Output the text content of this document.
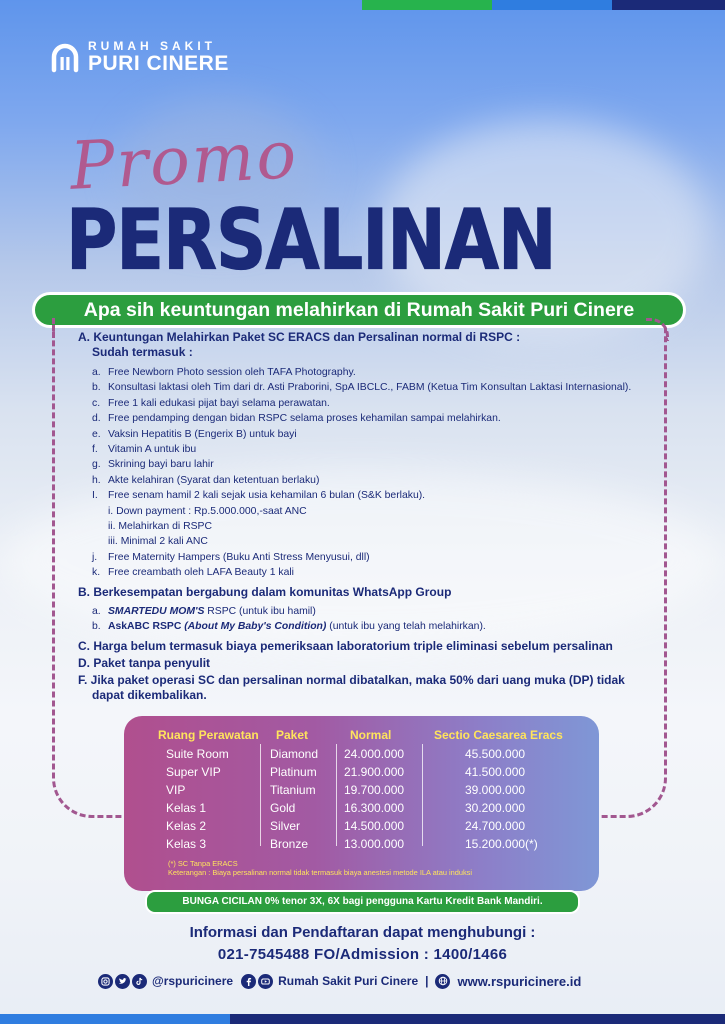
RUMAH SAKIT
PURI CINERE
Promo
PERSALINAN
Apa sih keuntungan melahirkan di Rumah Sakit Puri Cinere
A. Keuntungan Melahirkan Paket SC ERACS dan Persalinan normal di RSPC :
Sudah termasuk :
a. Free Newborn Photo session oleh TAFA Photography.
b. Konsultasi laktasi oleh Tim dari dr. Asti Praborini, SpA IBCLC., FABM (Ketua Tim Konsultan Laktasi Internasional).
c. Free 1 kali edukasi pijat bayi selama perawatan.
d. Free pendamping dengan bidan RSPC selama proses kehamilan sampai melahirkan.
e. Vaksin Hepatitis B (Engerix B) untuk bayi
f. Vitamin A untuk ibu
g. Skrining bayi baru lahir
h. Akte kelahiran (Syarat dan ketentuan berlaku)
I. Free senam hamil 2 kali sejak usia kehamilan 6 bulan (S&K berlaku).
i. Down payment : Rp.5.000.000,-saat ANC
ii. Melahirkan di RSPC
iii. Minimal 2 kali ANC
j.	Free Maternity Hampers (Buku Anti Stress Menyusui, dll)
k. Free creambath oleh LAFA Beauty 1 kali
B. Berkesempatan bergabung dalam komunitas WhatsApp Group
a. SMARTEDU MOM'S RSPC (untuk ibu hamil)
b. AskABC RSPC (About My Baby's Condition) (untuk ibu yang telah melahirkan).
C. Harga belum termasuk biaya pemeriksaan laboratorium triple eliminasi sebelum persalinan
D. Paket tanpa penyulit
F. Jika paket operasi SC dan persalinan normal dibatalkan, maka 50% dari uang muka (DP) tidak
dapat dikembalikan.
Ruang Perawatan Paket	Normal	Sectio Caesarea Eracs
Suite Room	Diamond 24.000.000	45.500.000
Super VIP	Platinum 21.900.000	41.500.000
VIP	Titanium 19.700.000	39.000.000
Kelas 1	Gold	16.300.000	30.200.000
Kelas 2	Silver	14.500.000	24.700.000
Kelas 3	Bronze	13.000.000	15.200.000(*)
(*) SC Tanpa ERACS
Keterangan : Biaya persalinan normal tidak termasuk biaya anestesi metode ILA atau induksi
BUNGA CICILAN 0% tenor 3X, 6X bagi pengguna Kartu Kredit Bank Mandiri.
Informasi dan Pendaftaran dapat menghubungi :
021-7545488 FO/Admission : 1400/1466
@rspuricinere	Rumah Sakit Puri Cinere | www.rspuricinere.id
